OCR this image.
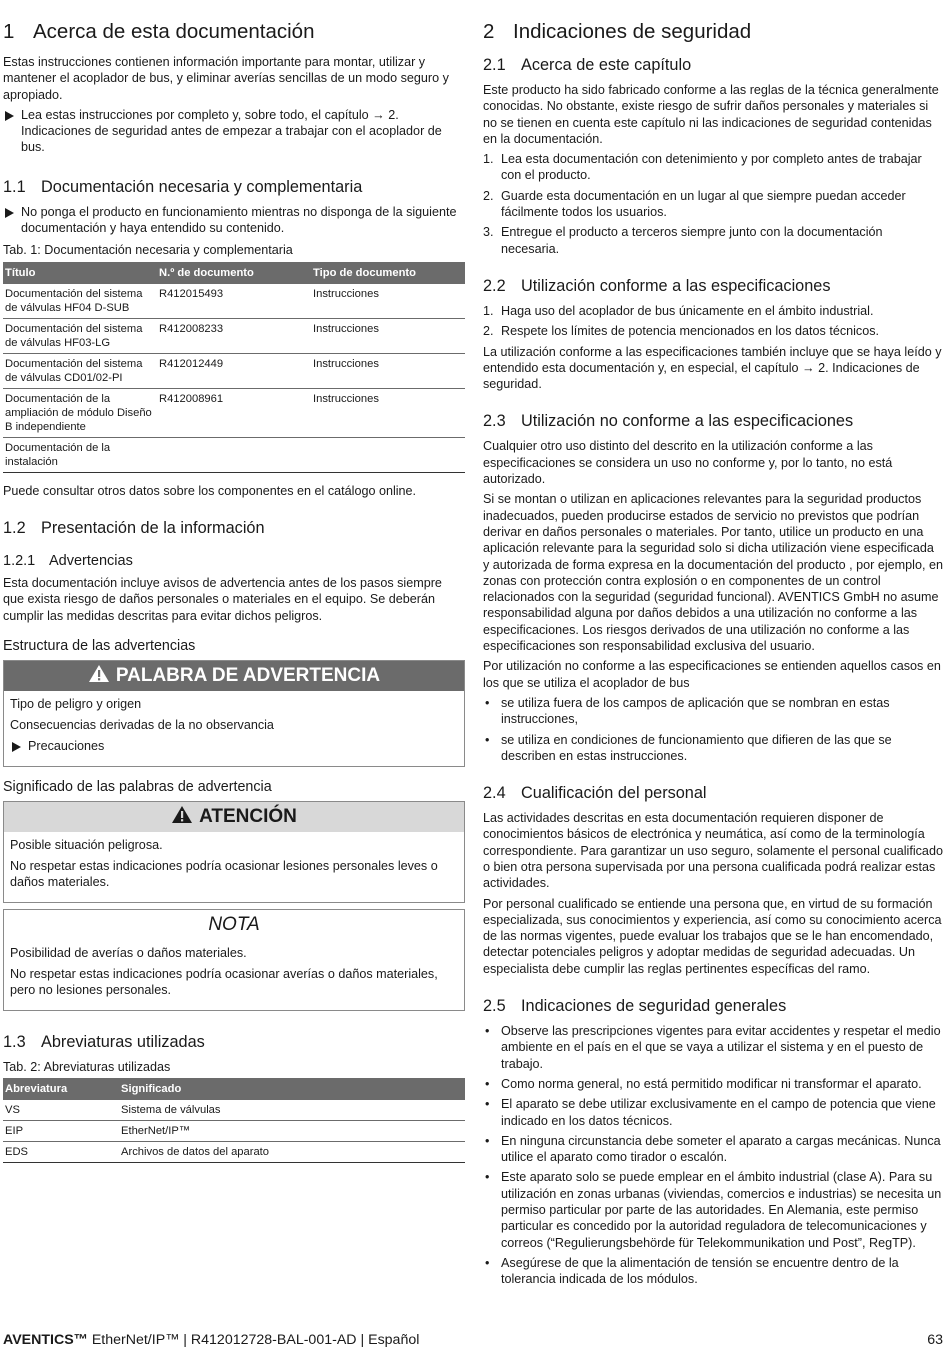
1 Acerca de esta documentación

Estas instrucciones contienen información importante para montar, utilizar y mantener el acoplador de bus, y eliminar averías sencillas de un modo seguro y apropiado.

Lea estas instrucciones por completo y, sobre todo, el capítulo → 2. Indicaciones de seguridad antes de empezar a trabajar con el acoplador de bus.

1.1 Documentación necesaria y complementaria

No ponga el producto en funcionamiento mientras no disponga de la siguiente documentación y haya entendido su contenido.

Tab. 1: Documentación necesaria y complementaria

Título	N.º de documento	Tipo de documento
Documentación del sistema de válvulas HF04 D-SUB	R412015493	Instrucciones
Documentación del sistema de válvulas HF03-LG	R412008233	Instrucciones
Documentación del sistema de válvulas CD01/02-PI	R412012449	Instrucciones
Documentación de la ampliación de módulo Diseño B independiente	R412008961	Instrucciones
Documentación de la instalación		

Puede consultar otros datos sobre los componentes en el catálogo online.

1.2 Presentación de la información
1.2.1 Advertencias

Esta documentación incluye avisos de advertencia antes de los pasos siempre que exista riesgo de daños personales o materiales en el equipo. Se deberán cumplir las medidas descritas para evitar dichos peligros.

Estructura de las advertencias

PALABRA DE ADVERTENCIA

Tipo de peligro y origen

Consecuencias derivadas de la no observancia

Precauciones

Significado de las palabras de advertencia

ATENCIÓN

Posible situación peligrosa.

No respetar estas indicaciones podría ocasionar lesiones personales leves o daños materiales.

NOTA

Posibilidad de averías o daños materiales.

No respetar estas indicaciones podría ocasionar averías o daños materiales, pero no lesiones personales.

1.3 Abreviaturas utilizadas

Tab. 2: Abreviaturas utilizadas

Abreviatura	Significado
VS	Sistema de válvulas
EIP	EtherNet/IP™
EDS	Archivos de datos del aparato
2 Indicaciones de seguridad
2.1 Acerca de este capítulo

Este producto ha sido fabricado conforme a las reglas de la técnica generalmente conocidas. No obstante, existe riesgo de sufrir daños personales y materiales si no se tienen en cuenta este capítulo ni las indicaciones de seguridad contenidas en la documentación.

1. Lea esta documentación con detenimiento y por completo antes de trabajar con el producto.
2. Guarde esta documentación en un lugar al que siempre puedan acceder fácilmente todos los usuarios.
3. Entregue el producto a terceros siempre junto con la documentación necesaria.
2.2 Utilización conforme a las especificaciones
1. Haga uso del acoplador de bus únicamente en el ámbito industrial.
2. Respete los límites de potencia mencionados en los datos técnicos.

La utilización conforme a las especificaciones también incluye que se haya leído y entendido esta documentación y, en especial, el capítulo → 2. Indicaciones de seguridad.

2.3 Utilización no conforme a las especificaciones

Cualquier otro uso distinto del descrito en la utilización conforme a las especificaciones se considera un uso no conforme y, por lo tanto, no está autorizado.

Si se montan o utilizan en aplicaciones relevantes para la seguridad productos inadecuados, pueden producirse estados de servicio no previstos que podrían derivar en daños personales o materiales. Por tanto, utilice un producto en una aplicación relevante para la seguridad solo si dicha utilización viene especificada y autorizada de forma expresa en la documentación del producto , por ejemplo, en zonas con protección contra explosión o en componentes de un control relacionados con la seguridad (seguridad funcional). AVENTICS GmbH no asume responsabilidad alguna por daños debidos a una utilización no conforme a las especificaciones. Los riesgos derivados de una utilización no conforme a las especificaciones son responsabilidad exclusiva del usuario.

Por utilización no conforme a las especificaciones se entienden aquellos casos en los que se utiliza el acoplador de bus

• se utiliza fuera de los campos de aplicación que se nombran en estas instrucciones,
• se utiliza en condiciones de funcionamiento que difieren de las que se describen en estas instrucciones.
2.4 Cualificación del personal

Las actividades descritas en esta documentación requieren disponer de conocimientos básicos de electrónica y neumática, así como de la terminología correspondiente. Para garantizar un uso seguro, solamente el personal cualificado o bien otra persona supervisada por una persona cualificada podrá realizar estas actividades.

Por personal cualificado se entiende una persona que, en virtud de su formación especializada, sus conocimientos y experiencia, así como su conocimiento acerca de las normas vigentes, puede evaluar los trabajos que se le han encomendado, detectar potenciales peligros y adoptar medidas de seguridad adecuadas. Un especialista debe cumplir las reglas pertinentes específicas del ramo.

2.5 Indicaciones de seguridad generales
• Observe las prescripciones vigentes para evitar accidentes y respetar el medio ambiente en el país en el que se vaya a utilizar el sistema y en el puesto de trabajo.
• Como norma general, no está permitido modificar ni transformar el aparato.
• El aparato se debe utilizar exclusivamente en el campo de potencia que viene indicado en los datos técnicos.
• En ninguna circunstancia debe someter el aparato a cargas mecánicas. Nunca utilice el aparato como tirador o escalón.
• Este aparato solo se puede emplear en el ámbito industrial (clase A). Para su utilización en zonas urbanas (viviendas, comercios e industrias) se necesita un permiso particular por parte de las autoridades. En Alemania, este permiso particular es concedido por la autoridad reguladora de telecomunicaciones y correos (“Regulierungsbehörde für Telekommunikation und Post”, RegTP).
• Asegúrese de que la alimentación de tensión se encuentre dentro de la tolerancia indicada de los módulos.
AVENTICS™ EtherNet/IP™ | R412012728-BAL-001-AD | Español	63
